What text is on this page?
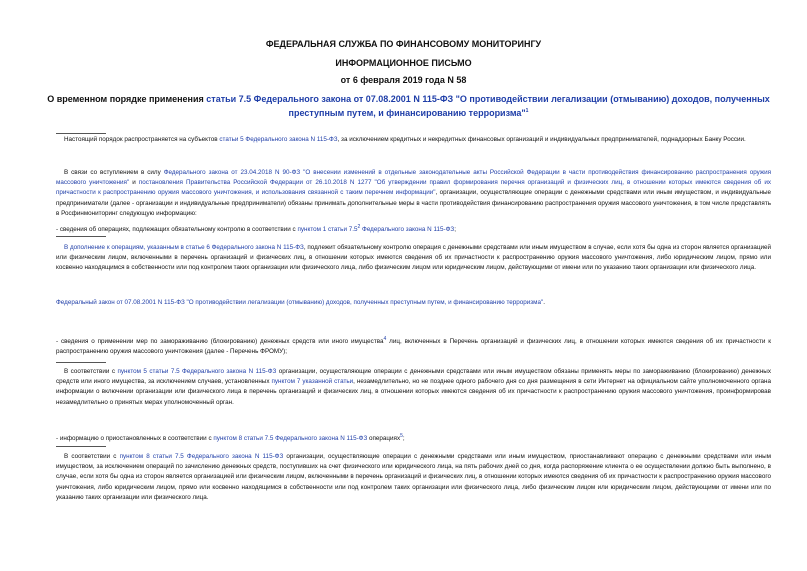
ФЕДЕРАЛЬНАЯ СЛУЖБА ПО ФИНАНСОВОМУ МОНИТОРИНГУ
ИНФОРМАЦИОННОЕ ПИСЬМО
от 6 февраля 2019 года N 58
О временном порядке применения статьи 7.5 Федерального закона от 07.08.2001 N 115-ФЗ "О противодействии легализации (отмыванию) доходов, полученных преступным путем, и финансированию терроризма"$^1$
Настоящий порядок распространяется на субъектов статьи 5 Федерального закона N 115-ФЗ, за исключением кредитных и некредитных финансовых организаций и индивидуальных предпринимателей, поднадзорных Банку России.
В связи со вступлением в силу Федерального закона от 23.04.2018 N 90-ФЗ "О внесении изменений в отдельные законодательные акты Российской Федерации в части противодействия финансированию распространения оружия массового уничтожения" и постановления Правительства Российской Федерации от 26.10.2018 N 1277 "Об утверждении правил формирования перечня организаций и физических лиц, в отношении которых имеются сведения об их причастности к распространению оружия массового уничтожения, и использования связанной с таким перечнем информации", организации, осуществляющие операции с денежными средствами или иным имуществом, и индивидуальные предприниматели (далее - организации и индивидуальные предприниматели) обязаны принимать дополнительные меры в части противодействия финансированию распространения оружия массового уничтожения, в том числе представлять в Росфинмониторинг следующую информацию:
- сведения об операциях, подлежащих обязательному контролю в соответствии с пунктом 1 статьи $7.5^2$ Федерального закона N 115-ФЗ;
В дополнение к операциям, указанным в статье 6 Федерального закона N 115-ФЗ, подлежит обязательному контролю операция с денежными средствами или иным имуществом в случае, если хотя бы одна из сторон является организацией или физическим лицом, включенными в перечень организаций и физических лиц, в отношении которых имеются сведения об их причастности к распространению оружия массового уничтожения, либо юридическим лицом, прямо или косвенно находящимся в собственности или под контролем таких организации или физического лица, либо физическим лицом или юридическим лицом, действующими от имени или по указанию таких организации или физического лица.
Федеральный закон от 07.08.2001 N 115-ФЗ "О противодействии легализации (отмыванию) доходов, полученных преступным путем, и финансированию терроризма".
- сведения о применении мер по замораживанию (блокированию) денежных средств или иного имущества$^4$ лиц, включенных в Перечень организаций и физических лиц, в отношении которых имеются сведения об их причастности к распространению оружия массового уничтожения (далее - Перечень ФРОМУ);
В соответствии с пунктом 5 статьи 7.5 Федерального закона N 115-ФЗ организации, осуществляющие операции с денежными средствами или иным имуществом обязаны применять меры по замораживанию (блокированию) денежных средств или иного имущества, за исключением случаев, установленных пунктом 7 указанной статьи, незамедлительно, но не позднее одного рабочего дня со дня размещения в сети Интернет на официальном сайте уполномоченного органа информации о включении организации или физического лица в перечень организаций и физических лиц, в отношении которых имеются сведения об их причастности к распространению оружия массового уничтожения, проинформировав незамедлительно о принятых мерах уполномоченный орган.
- информацию о приостановленных в соответствии с пунктом 8 статьи 7.5 Федерального закона N 115-ФЗ операциях$^5$;
В соответствии с пунктом 8 статьи 7.5 Федерального закона N 115-ФЗ организации, осуществляющие операции с денежными средствами или иным имуществом, приостанавливают операцию с денежными средствами или иным имуществом, за исключением операций по зачислению денежных средств, поступивших на счет физического или юридического лица, на пять рабочих дней со дня, когда распоряжение клиента о ее осуществлении должно быть выполнено, в случае, если хотя бы одна из сторон является организацией или физическим лицом, включенными в перечень организаций и физических лиц, в отношении которых имеются сведения об их причастности к распространению оружия массового уничтожения, либо юридическим лицом, прямо или косвенно находящимся в собственности или под контролем таких организации или физического лица, либо физическим лицом или юридическим лицом, действующими от имени или по указанию таких организации или физического лица.
